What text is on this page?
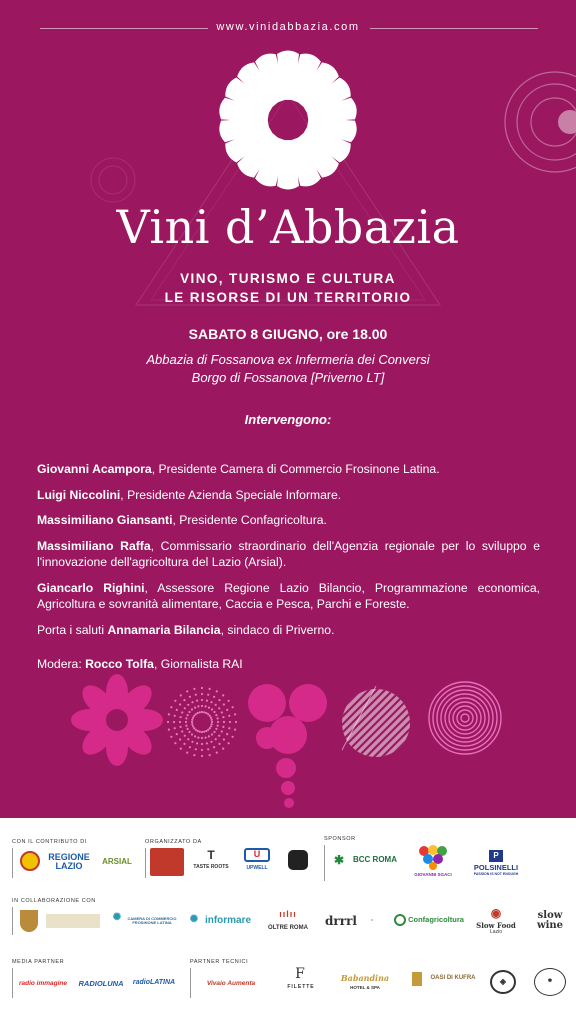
www.vinidabbazia.com
Vini d’Abbazia
VINO, TURISMO E CULTURA
LE RISORSE DI UN TERRITORIO
SABATO 8 GIUGNO, ore 18.00
Abbazia di Fossanova ex Infermeria dei Conversi
Borgo di Fossanova [Priverno LT]
Intervengono:

Giovanni Acampora, Presidente Camera di Commercio Frosinone Latina.

Luigi Niccolini, Presidente Azienda Speciale Informare.

Massimiliano Giansanti, Presidente Confagricoltura.

Massimiliano Raffa, Commissario straordinario dell'Agenzia regionale per lo sviluppo e l'innovazione dell'agricoltura del Lazio (Arsial).

Giancarlo Righini, Assessore Regione Lazio Bilancio, Programmazione economica, Agricoltura e sovranità alimentare, Caccia e Pesca, Parchi e Foreste.

Porta i saluti Annamaria Bilancia, sindaco di Priverno.

Modera: Rocco Tolfa, Giornalista RAI

CON IL CONTRIBUTO DI	ORGANIZZATO DA	SPONSOR
REGIONE LAZIO	ARSIAL
TASTE ROOTS
T	U
UPWELL
✱	BCC ROMA
GIOVANNI SGACI
P
POLSINELLI
PASSION IS NOT ENOUGH
IN COLLABORAZIONE CON
✺	CAMERA DI COMMERCIO FROSINONE LATINA	✺ informare
ıılıı
OLTRE ROMA
drrrl	≡	Confagricoltura ◉
Slow Food
Lazio
slow wine
MEDIA PARTNER	PARTNER TECNICI
radio immagine	RADIOLUNA	radioLATINA	Vivaio Aumenta
F
FILETTE
Babandina
HOTEL & SPA
OASI DI KUFRA	◈	✽
